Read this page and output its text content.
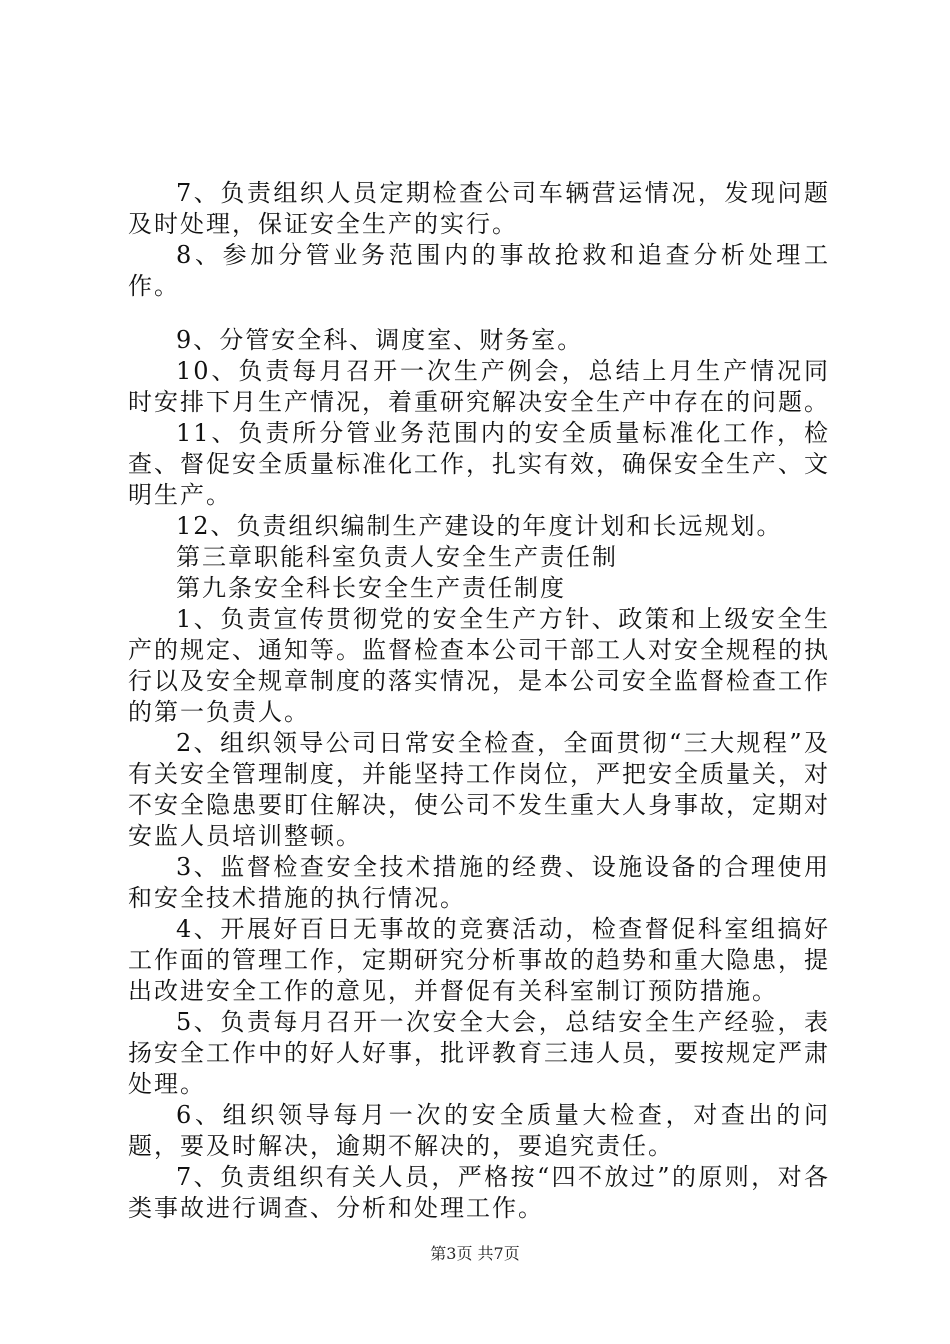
7、负责组织人员定期检查公司车辆营运情况，发现问题及时处理，保证安全生产的实行。

8、参加分管业务范围内的事故抢救和追查分析处理工作。

9、分管安全科、调度室、财务室。

10、负责每月召开一次生产例会，总结上月生产情况同时安排下月生产情况，着重研究解决安全生产中存在的问题。

11、负责所分管业务范围内的安全质量标准化工作，检查、督促安全质量标准化工作，扎实有效，确保安全生产、文明生产。

12、负责组织编制生产建设的年度计划和长远规划。

第三章职能科室负责人安全生产责任制

第九条安全科长安全生产责任制度

1、负责宣传贯彻党的安全生产方针、政策和上级安全生产的规定、通知等。监督检查本公司干部工人对安全规程的执行以及安全规章制度的落实情况，是本公司安全监督检查工作的第一负责人。

2、组织领导公司日常安全检查，全面贯彻“三大规程”及有关安全管理制度，并能坚持工作岗位，严把安全质量关，对不安全隐患要盯住解决，使公司不发生重大人身事故，定期对安监人员培训整顿。

3、监督检查安全技术措施的经费、设施设备的合理使用和安全技术措施的执行情况。

4、开展好百日无事故的竞赛活动，检查督促科室组搞好工作面的管理工作，定期研究分析事故的趋势和重大隐患，提出改进安全工作的意见，并督促有关科室制订预防措施。

5、负责每月召开一次安全大会，总结安全生产经验，表扬安全工作中的好人好事，批评教育三违人员，要按规定严肃处理。

6、组织领导每月一次的安全质量大检查，对查出的问题，要及时解决，逾期不解决的，要追究责任。

7、负责组织有关人员，严格按“四不放过”的原则，对各类事故进行调查、分析和处理工作。

第3页 共7页
